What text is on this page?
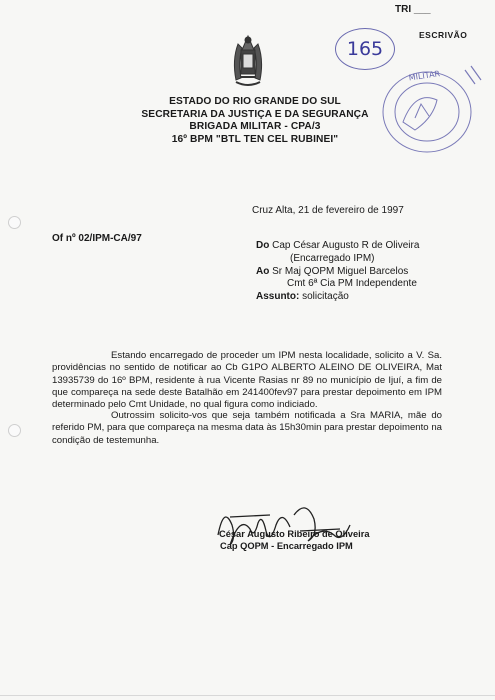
ESTADO DO RIO GRANDE DO SUL
SECRETARIA DA JUSTIÇA E DA SEGURANÇA
BRIGADA MILITAR - CPA/3
16º BPM "BTL TEN CEL RUBINEI"
TRI ___
ESCRIVÃO
165
MILITAR
Cruz Alta, 21 de fevereiro de 1997
Of nº 02/IPM-CA/97
Do Cap César Augusto R de Oliveira
(Encarregado IPM)
Ao Sr Maj QOPM Miguel Barcelos
Cmt 6ª Cia PM Independente
Assunto: solicitação
Estando encarregado de proceder um IPM nesta localidade, solicito a V. Sa. providências no sentido de notificar ao Cb G1PO ALBERTO ALEINO DE OLIVEIRA, Mat 13935739 do 16º BPM, residente à rua Vicente Rasias nr 89 no município de Ijuí, a fim de que compareça na sede deste Batalhão em 241400fev97 para prestar depoimento em IPM determinado pelo Cmt Unidade, no qual figura como indiciado.
Outrossim solicito-vos que seja também notificada a Sra MARIA, mãe do referido PM, para que compareça na mesma data às 15h30min para prestar depoimento na condição de testemunha.
César Augusto Ribeiro de Oliveira
Cap QOPM - Encarregado IPM
